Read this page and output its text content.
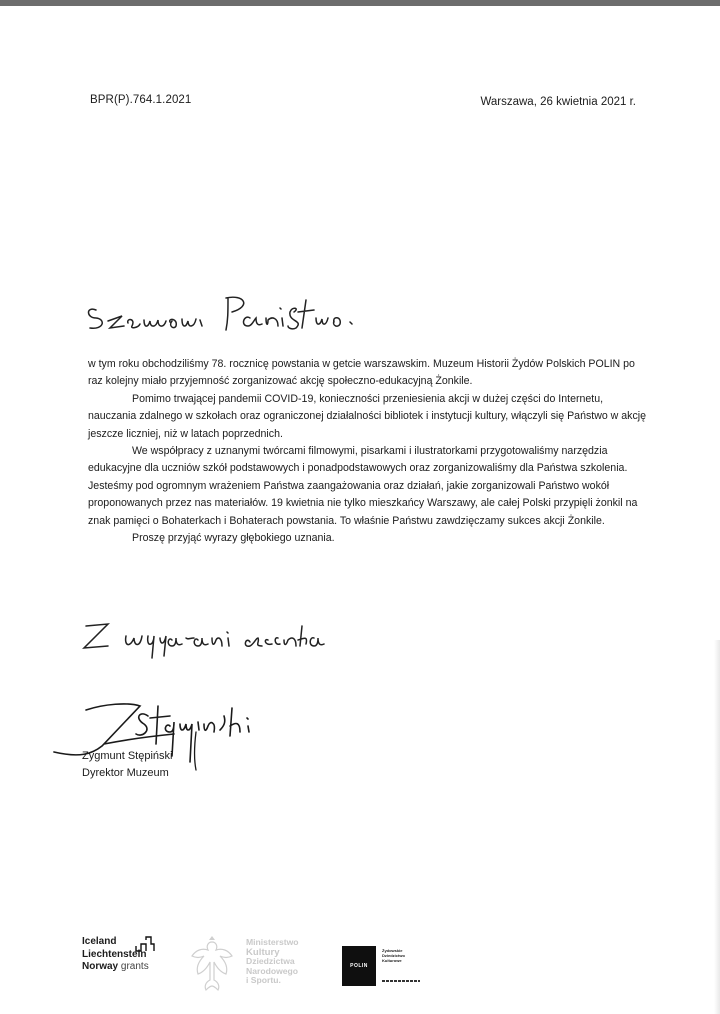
BPR(P).764.1.2021	Warszawa, 26 kwietnia 2021 r.

w tym roku obchodziliśmy 78. rocznicę powstania w getcie warszawskim. Muzeum Historii Żydów Polskich POLIN po raz kolejny miało przyjemność zorganizować akcję społeczno-edukacyjną Żonkile.

Pomimo trwającej pandemii COVID-19, konieczności przeniesienia akcji w dużej części do Internetu, nauczania zdalnego w szkołach oraz ograniczonej działalności bibliotek i instytucji kultury, włączyli się Państwo w akcję jeszcze liczniej, niż w latach poprzednich.

We współpracy z uznanymi twórcami filmowymi, pisarkami i ilustratorkami przygotowaliśmy narzędzia edukacyjne dla uczniów szkół podstawowych i ponadpodstawowych oraz zorganizowaliśmy dla Państwa szkolenia. Jesteśmy pod ogromnym wrażeniem Państwa zaangażowania oraz działań, jakie zorganizowali Państwo wokół proponowanych przez nas materiałów. 19 kwietnia nie tylko mieszkańcy Warszawy, ale całej Polski przypięli żonkil na znak pamięci o Bohaterkach i Bohaterach powstania. To właśnie Państwu zawdzięczamy sukces akcji Żonkile.

Proszę przyjąć wyrazy głębokiego uznania.

Zygmunt Stępiński
Dyrektor Muzeum
Iceland
Liechtenstein
Norway grants
Ministerstwo
Kultury
Dziedzictwa
Narodowego
i Sportu.
POLIN
Żydowskie
Dziedzictwo
Kulturowe
